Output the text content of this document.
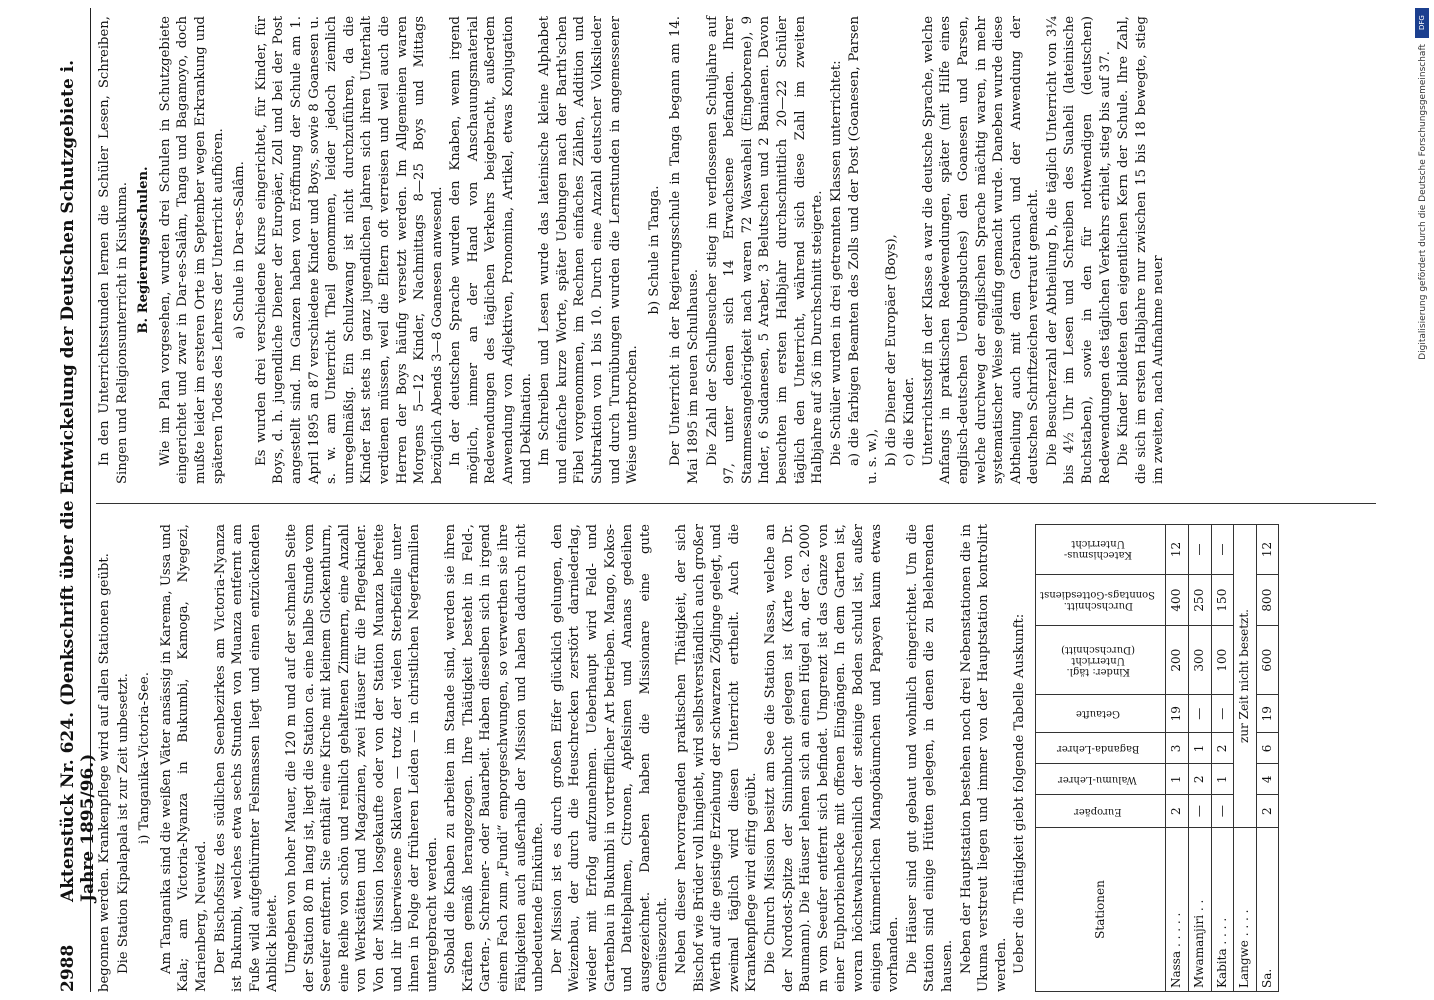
2988
Aktenstück Nr. 624. (Denkschrift über die Entwickelung der Deutschen Schutzgebiete i. Jahre 1895/96.) begonnen werden. Krankenpflege wird auf allen Stationen geübt. Die Station Kipalapala ist zur Zeit unbesetzt. i) Tanganika-Victoria-See. Am Tanganika sind die weißen Väter ansässig in Karema, Ussa und Kala; am Victoria-Nyanza in Bukumbi, Kamoga, Nyegezi, Marienberg, Neuwied. Der Bischofssitz des südlichen Seenbezirkes am Victoria-Nyanza ist Bukumbi, welches etwa sechs Stunden von Muanza entfernt am Fuße wild aufgethürmter Felsmassen liegt und einen entzückenden Anblick bietet. Umgeben von hoher Mauer, die 120 m und auf der schmalen Seite der Station 80 m lang ist, liegt die Station ca. eine halbe Stunde vom Seeufer entfernt. Sie enthält eine Kirche mit kleinem Glockenthurm, eine Reihe von schön und reinlich gehaltenen Zimmern, eine Anzahl von Werkstätten und Magazinen, zwei Häuser für die Pflegekinder. Von der Mission losgekaufte oder von der Station Muanza befreite und ihr überwiesene Sklaven — trotz der vielen Sterbefälle unter ihnen in Folge der früheren Leiden — in christlichen Negerfamilien untergebracht werden. Sobald die Knaben zu arbeiten im Stande sind, werden sie ihren Kräften gemäß herangezogen. Ihre Thätigkeit besteht in Feld-, Garten-, Schreiner- oder Bauarbeit. Haben dieselben sich in irgend einem Fach zum „Fundi“ emporgeschwungen, so verwerthen sie ihre Fähigkeiten auch außerhalb der Mission und haben dadurch nicht unbedeutende Einkünfte. Der Mission ist es durch großen Eifer glücklich gelungen, den Weizenbau, der durch die Heuschrecken zerstört darniederlag, wieder mit Erfolg aufzunehmen. Ueberhaupt wird Feld- und Gartenbau in Bukumbi in vortrefflicher Art betrieben. Mango, Kokos- und Dattelpalmen, Citronen, Apfelsinen und Ananas gedeihen ausgezeichnet. Daneben haben die Missionare eine gute Gemüsezucht. Neben dieser hervorragenden praktischen Thätigkeit, der sich Bischof wie Brüder voll hingiebt, wird selbstverständlich auch großer Werth auf die geistige Erziehung der schwarzen Zöglinge gelegt, und zweimal täglich wird diesen Unterricht ertheilt. Auch die Krankenpflege wird eifrig geübt. Die Church Mission besitzt am See die Station Nassa, welche an der Nordost-Spitze der Sinimbucht gelegen ist (Karte von Dr. Baumann). Die Häuser lehnen sich an einen Hügel an, der ca. 2000 m vom Seeufer entfernt sich befindet. Umgrenzt ist das Ganze von einer Euphorbienhecke mit offenen Eingängen. In dem Garten ist, woran höchstwahrscheinlich der steinige Boden schuld ist, außer einigen kümmerlichen Mangobäumchen und Papayen kaum etwas vorhanden. Die Häuser sind gut gebaut und wohnlich eingerichtet. Um die Station sind einige Hütten gelegen, in denen die zu Belehrenden hausen. Neben der Hauptstation bestehen noch drei Nebenstationen die in Ukuma verstreut liegen und immer von der Hauptstation kontrolirt werden. Ueber die Thätigkeit giebt folgende Tabelle Auskunft:	Stationen	Europäer	Walumu-Lehrer	Baganda-Lehrer	Getaufte	Kinder: tägl. Unterricht (Durchschnitt)	Durchschnitt. Sonntags-Gottesdienst	Katechismus-Unterricht
Nassa . . . . .	2	1	3	19	200	400	12
Mwamanjiri . .	—	2	1	—	300	250	—
Kabita . . . .	—	1	2	—	100	150	—
Langwe . . . .	zur Zeit nicht besetzt.						
Sa.	2	4	6	19	600	800	12

In den Unterrichtsstunden lernen die Schüler Lesen, Schreiben, Singen und Religionsunterricht in Kisukuma. B. Regierungsschulen. Wie im Plan vorgesehen, wurden drei Schulen in Schutzgebiete eingerichtet und zwar in Dar-es-Salâm, Tanga und Bagamoyo, doch mußte leider im ersteren Orte im September wegen Erkrankung und späteren Todes des Lehrers der Unterricht aufhören. a) Schule in Dar-es-Salâm. Es wurden drei verschiedene Kurse eingerichtet, für Kinder, für Boys, d. h. jugendliche Diener der Europäer, Zoll und bei der Post angestellt sind. Im Ganzen haben von Eröffnung der Schule am 1. April 1895 an 87 verschiedene Kinder und Boys, sowie 8 Goanesen u. s. w. am Unterricht Theil genommen, leider jedoch ziemlich unregelmäßig. Ein Schulzwang ist nicht durchzuführen, da die Kinder fast stets in ganz jugendlichen Jahren sich ihren Unterhalt verdienen müssen, weil die Eltern oft verreisen und weil auch die Herren der Boys häufig versetzt werden. Im Allgemeinen waren Morgens 5—12 Kinder, Nachmittags 8—25 Boys und Mittags bezüglich Abends 3—8 Goanesen anwesend. In der deutschen Sprache wurden den Knaben, wenn irgend möglich, immer an der Hand von Anschauungsmaterial Redewendungen des täglichen Verkehrs beigebracht, außerdem Anwendung von Adjektiven, Pronomina, Artikel, etwas Konjugation und Deklination. Im Schreiben und Lesen wurde das lateinische kleine Alphabet und einfache kurze Worte, später Uebungen nach der Barth'schen Fibel vorgenommen, im Rechnen einfaches Zählen, Addition und Subtraktion von 1 bis 10. Durch eine Anzahl deutscher Volkslieder und durch Turnübungen wurden die Lernstunden in angemessener Weise unterbrochen.

b) Schule in Tanga. Der Unterricht in der Regierungsschule in Tanga begann am 14. Mai 1895 im neuen Schulhause. Die Zahl der Schulbesucher stieg im verflossenen Schuljahre auf 97, unter denen sich 14 Erwachsene befanden. Ihrer Stammesangehörigkeit nach waren 72 Waswaheli (Eingeborene), 9 Inder, 6 Sudanesen, 5 Araber, 3 Belutschen und 2 Banianen. Davon besuchten im ersten Halbjahr durchschnittlich 20—22 Schüler täglich den Unterricht, während sich diese Zahl im zweiten Halbjahre auf 36 im Durchschnitt steigerte. Die Schüler wurden in drei getrennten Klassen unterrichtet: a) die farbigen Beamten des Zolls und der Post (Goanesen, Parsen u. s. w.), b) die Diener der Europäer (Boys), c) die Kinder. Unterrichtsstoff in der Klasse a war die deutsche Sprache, welche Anfangs in praktischen Redewendungen, später (mit Hilfe eines englisch-deutschen Uebungsbuches) den Goanesen und Parsen, welche durchweg der englischen Sprache mächtig waren, in mehr systematischer Weise geläufig gemacht wurde. Daneben wurde diese Abtheilung auch mit dem Gebrauch und der Anwendung der deutschen Schriftzeichen vertraut gemacht. Die Besucherzahl der Abtheilung b, die täglich Unterricht von 3¼ bis 4½ Uhr im Lesen und Schreiben des Suaheli (lateinische Buchstaben), sowie in den für nothwendigen (deutschen) Redewendungen des täglichen Verkehrs erhielt, stieg bis auf 37. Die Kinder bildeten den eigentlichen Kern der Schule. Ihre Zahl, die sich im ersten Halbjahre nur zwischen 15 bis 18 bewegte, stieg im zweiten, nach Aufnahme neuer

DFG
Digitalisierung gefördert durch die Deutsche Forschungsgemeinschaft
